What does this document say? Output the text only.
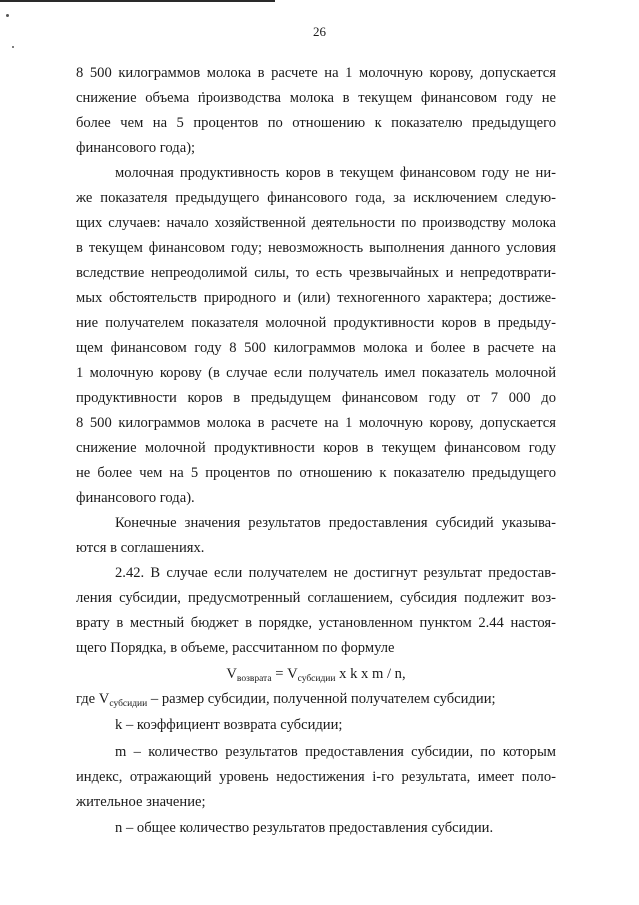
26
8 500 килограммов молока в расчете на 1 молочную корову, допускается
снижение объема производства молока в текущем финансовом году не
более чем на 5 процентов по отношению к показателю предыдущего
финансового года);
молочная продуктивность коров в текущем финансовом году не ни-
же показателя предыдущего финансового года, за исключением следую-
щих случаев: начало хозяйственной деятельности по производству молока
в текущем финансовом году; невозможность выполнения данного условия
вследствие непреодолимой силы, то есть чрезвычайных и непредотврати-
мых обстоятельств природного и (или) техногенного характера; достиже-
ние получателем показателя молочной продуктивности коров в предыду-
щем финансовом году 8 500 килограммов молока и более в расчете на
1 молочную корову (в случае если получатель имел показатель молочной
продуктивности коров в предыдущем финансовом году от 7 000 до
8 500 килограммов молока в расчете на 1 молочную корову, допускается
снижение молочной продуктивности коров в текущем финансовом году
не более чем на 5 процентов по отношению к показателю предыдущего
финансового года).
Конечные значения результатов предоставления субсидий указыва-
ются в соглашениях.
2.42. В случае если получателем не достигнут результат предостав-
ления субсидии, предусмотренный соглашением, субсидия подлежит воз-
врату в местный бюджет в порядке, установленном пунктом 2.44 настоя-
щего Порядка, в объеме, рассчитанном по формуле
$V_{возврата} = V_{субсидии}$ x k x m / n,
где $V_{субсидии}$ – размер субсидии, полученной получателем субсидии;
k – коэффициент возврата субсидии;
m – количество результатов предоставления субсидии, по которым
индекс, отражающий уровень недостижения i-го результата, имеет поло-
жительное значение;
n – общее количество результатов предоставления субсидии.
